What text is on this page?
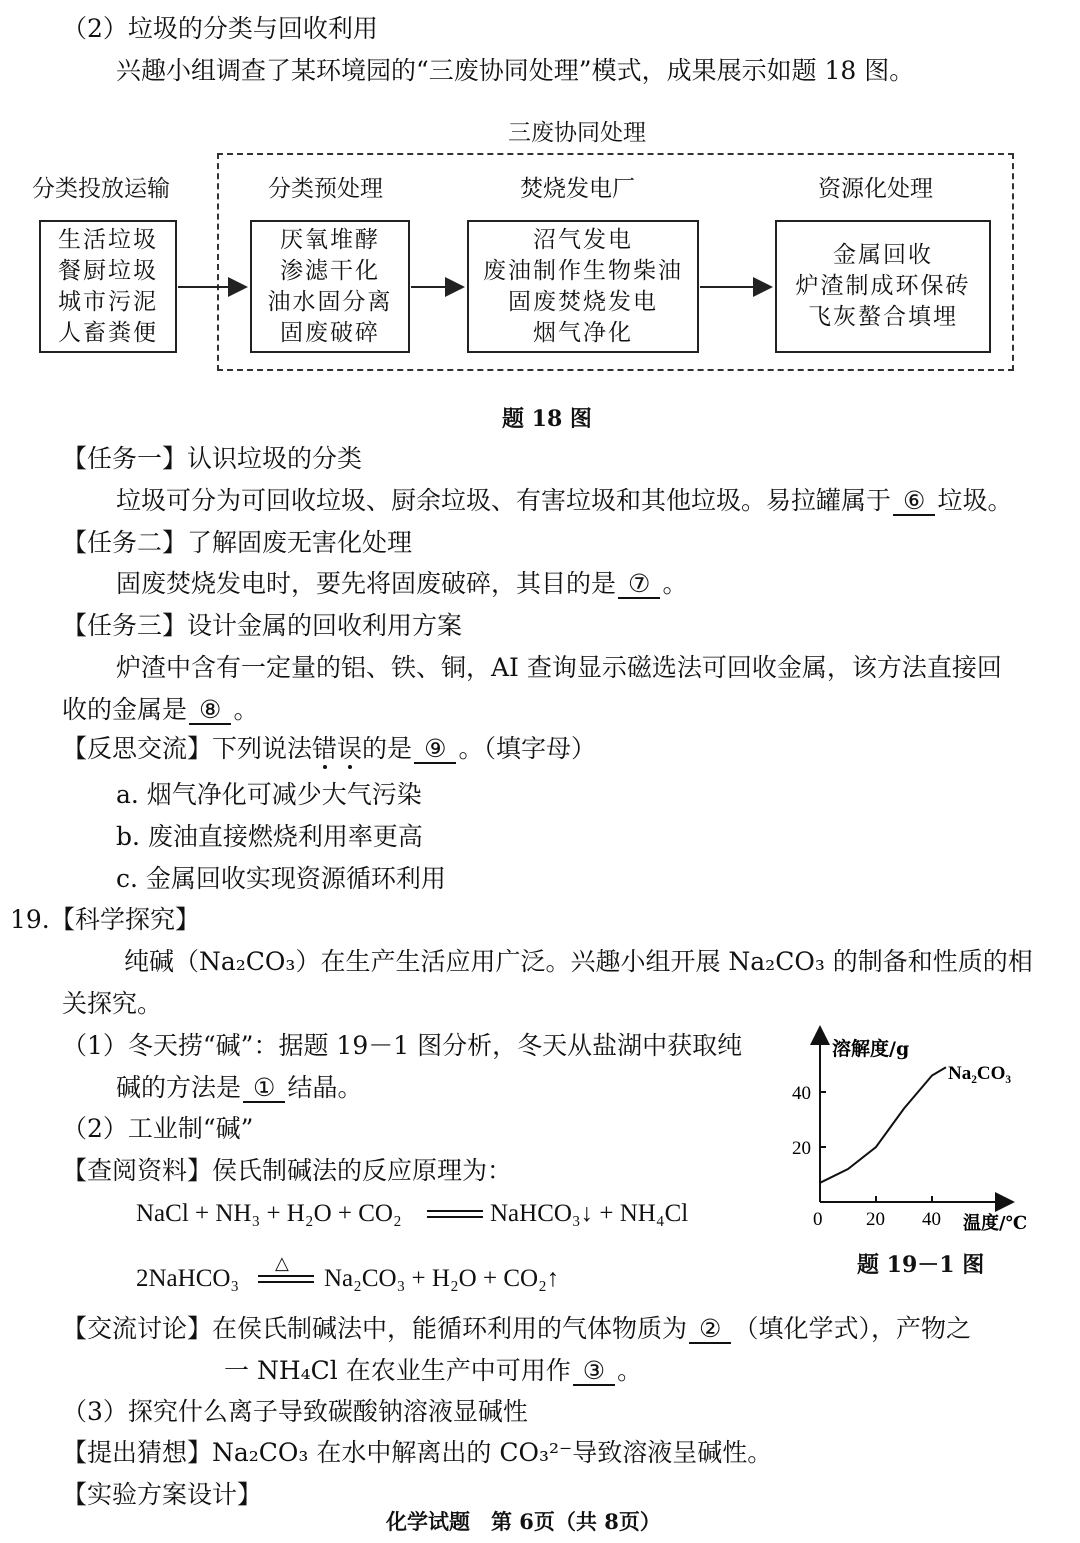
（2）垃圾的分类与回收利用
兴趣小组调查了某环境园的“三废协同处理”模式，成果展示如题 18 图。
三废协同处理
分类投放运输	分类预处理	焚烧发电厂	资源化处理
生活垃圾
餐厨垃圾
城市污泥
人畜粪便
厌氧堆酵
渗滤干化
油水固分离
固废破碎
沼气发电
废油制作生物柴油
固废焚烧发电
烟气净化
金属回收
炉渣制成环保砖
飞灰螯合填埋
题 18 图
【任务一】认识垃圾的分类
垃圾可分为可回收垃圾、厨余垃圾、有害垃圾和其他垃圾。易拉罐属于 ⑥ 垃圾。
【任务二】了解固废无害化处理
固废焚烧发电时，要先将固废破碎，其目的是 ⑦ 。
【任务三】设计金属的回收利用方案
炉渣中含有一定量的铝、铁、铜，AI 查询显示磁选法可回收金属，该方法直接回
收的金属是 ⑧ 。
【反思交流】下列说法错误的是 ⑨ 。（填字母）
a. 烟气净化可减少大气污染
b. 废油直接燃烧利用率更高
c. 金属回收实现资源循环利用
19. 【科学探究】
纯碱（Na₂CO₃）在生产生活应用广泛。兴趣小组开展 Na₂CO₃ 的制备和性质的相
关探究。
（1）冬天捞“碱”：据题 19－1 图分析，冬天从盐湖中获取纯
碱的方法是 ① 结晶。
（2）工业制“碱”
【查阅资料】侯氏制碱法的反应原理为：
NaCl + NH₃ + H₂O + CO₂	NaHCO₃↓ + NH₄Cl
2NaHCO₃
△
Na₂CO₃ + H₂O + CO₂↑
【交流讨论】在侯氏制碱法中，能循环利用的气体物质为 ② （填化学式），产物之
一 NH₄Cl 在农业生产中可用作 ③ 。
（3）探究什么离子导致碳酸钠溶液显碱性
【提出猜想】Na₂CO₃ 在水中解离出的 CO₃²⁻导致溶液呈碱性。
【实验方案设计】
溶解度/g
温度/℃
Na₂CO₃
0 20 40
20
40
题 19－1 图
化学试题　第 6页（共 8页）
